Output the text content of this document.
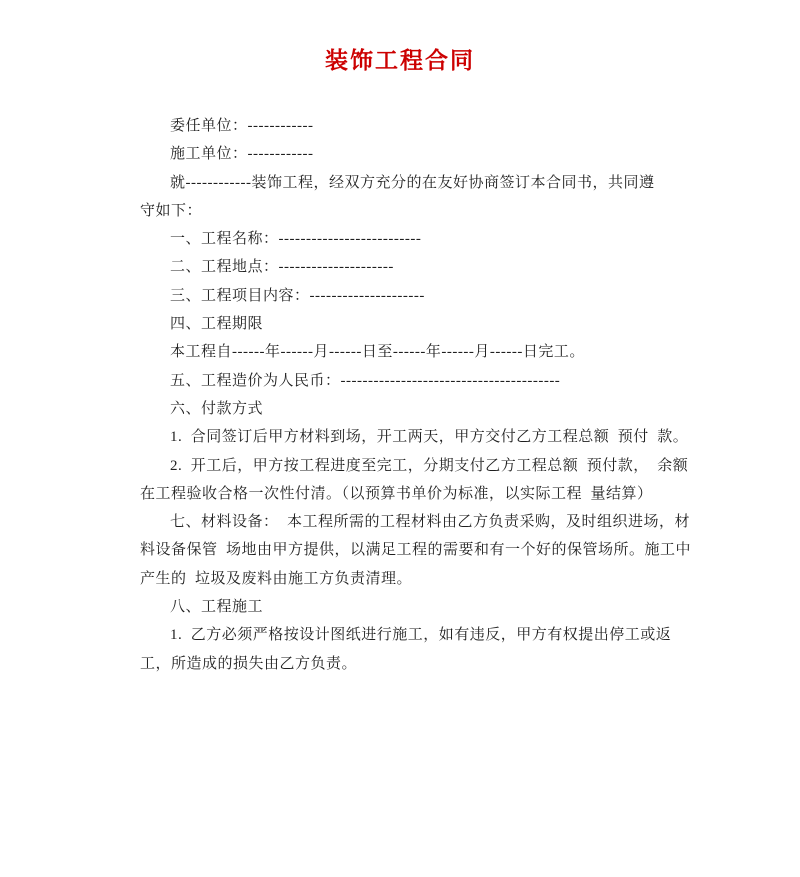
装饰工程合同
委任单位：------------
施工单位：------------
就------------装饰工程，经双方充分的在友好协商签订本合同书，共同遵
守如下：
一、工程名称：--------------------------
二、工程地点：---------------------
三、工程项目内容：---------------------
四、工程期限
本工程自------年------月------日至------年------月------日完工。
五、工程造价为人民币：----------------------------------------
六、付款方式
1.  合同签订后甲方材料到场，开工两天，甲方交付乙方工程总额  预付  款。
2.  开工后，甲方按工程进度至完工，分期支付乙方工程总额  预付款，  余额
在工程验收合格一次性付清。（以预算书单价为标准，以实际工程  量结算）
七、材料设备：  本工程所需的工程材料由乙方负责采购，及时组织进场，材
料设备保管  场地由甲方提供，以满足工程的需要和有一个好的保管场所。施工中
产生的  垃圾及废料由施工方负责清理。
八、工程施工
1.  乙方必须严格按设计图纸进行施工，如有违反，甲方有权提出停工或返
工，所造成的损失由乙方负责。
